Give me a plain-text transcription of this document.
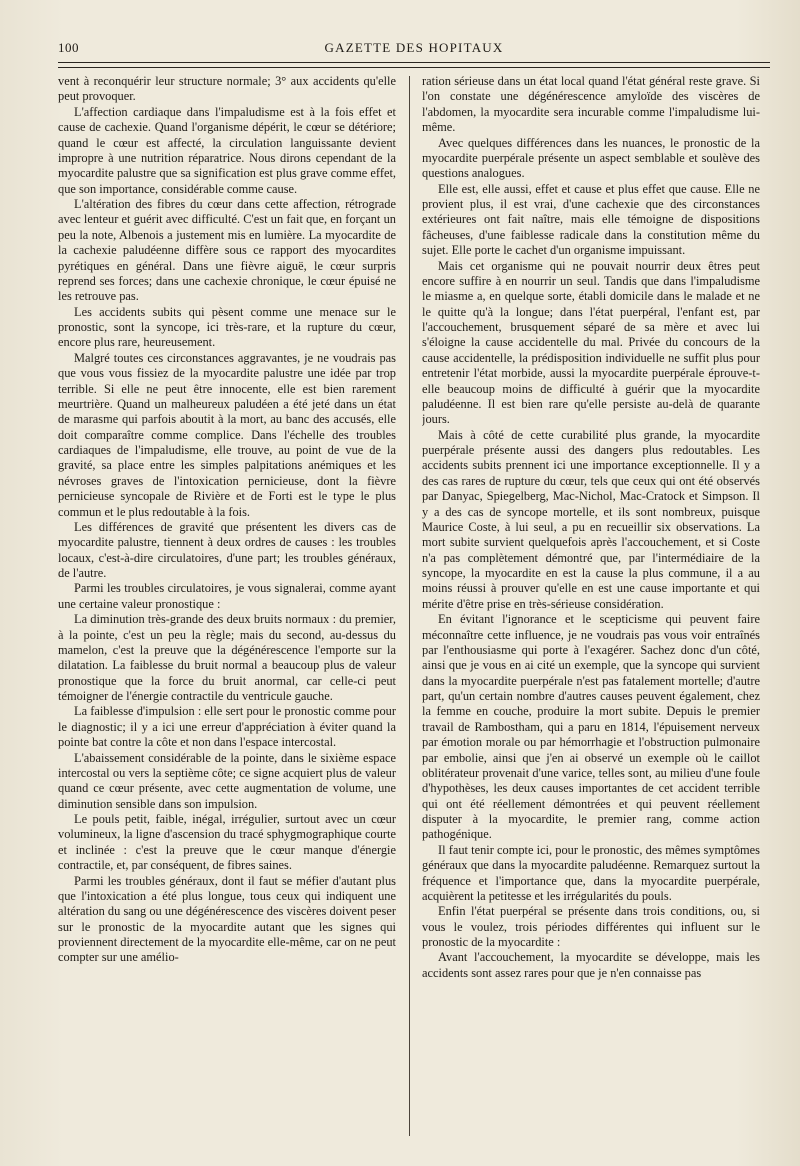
100	GAZETTE DES HOPITAUX

vent à reconquérir leur structure normale; 3° aux accidents qu'elle peut provoquer.

L'affection cardiaque dans l'impaludisme est à la fois effet et cause de cachexie. Quand l'organisme dépérit, le cœur se détériore; quand le cœur est affecté, la circulation languissante devient impropre à une nutrition réparatrice. Nous dirons cependant de la myocardite palustre que sa signification est plus grave comme effet, que son importance, considérable comme cause.

L'altération des fibres du cœur dans cette affection, rétrograde avec lenteur et guérit avec difficulté. C'est un fait que, en forçant un peu la note, Albenois a justement mis en lumière. La myocardite de la cachexie paludéenne diffère sous ce rapport des myocardites pyrétiques en général. Dans une fièvre aiguë, le cœur surpris reprend ses forces; dans une cachexie chronique, le cœur épuisé ne les retrouve pas.

Les accidents subits qui pèsent comme une menace sur le pronostic, sont la syncope, ici très-rare, et la rupture du cœur, encore plus rare, heureusement.

Malgré toutes ces circonstances aggravantes, je ne voudrais pas que vous vous fissiez de la myocardite palustre une idée par trop terrible. Si elle ne peut être innocente, elle est bien rarement meurtrière. Quand un malheureux paludéen a été jeté dans un état de marasme qui parfois aboutit à la mort, au banc des accusés, elle doit comparaître comme complice. Dans l'échelle des troubles cardiaques de l'impaludisme, elle trouve, au point de vue de la gravité, sa place entre les simples palpitations anémiques et les névroses graves de l'intoxication pernicieuse, dont la fièvre pernicieuse syncopale de Rivière et de Forti est le type le plus commun et le plus redoutable à la fois.

Les différences de gravité que présentent les divers cas de myocardite palustre, tiennent à deux ordres de causes : les troubles locaux, c'est-à-dire circulatoires, d'une part; les troubles généraux, de l'autre.

Parmi les troubles circulatoires, je vous signalerai, comme ayant une certaine valeur pronostique :

La diminution très-grande des deux bruits normaux : du premier, à la pointe, c'est un peu la règle; mais du second, au-dessus du mamelon, c'est la preuve que la dégénérescence l'emporte sur la dilatation. La faiblesse du bruit normal a beaucoup plus de valeur pronostique que la force du bruit anormal, car celle-ci peut témoigner de l'énergie contractile du ventricule gauche.

La faiblesse d'impulsion : elle sert pour le pronostic comme pour le diagnostic; il y a ici une erreur d'appréciation à éviter quand la pointe bat contre la côte et non dans l'espace intercostal.

L'abaissement considérable de la pointe, dans le sixième espace intercostal ou vers la septième côte; ce signe acquiert plus de valeur quand ce cœur présente, avec cette augmentation de volume, une diminution sensible dans son impulsion.

Le pouls petit, faible, inégal, irrégulier, surtout avec un cœur volumineux, la ligne d'ascension du tracé sphygmographique courte et inclinée : c'est la preuve que le cœur manque d'énergie contractile, et, par conséquent, de fibres saines.

Parmi les troubles généraux, dont il faut se méfier d'autant plus que l'intoxication a été plus longue, tous ceux qui indiquent une altération du sang ou une dégénérescence des viscères doivent peser sur le pronostic de la myocardite autant que les signes qui proviennent directement de la myocardite elle-même, car on ne peut compter sur une amélio-

ration sérieuse dans un état local quand l'état général reste grave. Si l'on constate une dégénérescence amyloïde des viscères de l'abdomen, la myocardite sera incurable comme l'impaludisme lui-même.

Avec quelques différences dans les nuances, le pronostic de la myocardite puerpérale présente un aspect semblable et soulève des questions analogues.

Elle est, elle aussi, effet et cause et plus effet que cause. Elle ne provient plus, il est vrai, d'une cachexie que des circonstances extérieures ont fait naître, mais elle témoigne de dispositions fâcheuses, d'une faiblesse radicale dans la constitution même du sujet. Elle porte le cachet d'un organisme impuissant.

Mais cet organisme qui ne pouvait nourrir deux êtres peut encore suffire à en nourrir un seul. Tandis que dans l'impaludisme le miasme a, en quelque sorte, établi domicile dans le malade et ne le quitte qu'à la longue; dans l'état puerpéral, l'enfant est, par l'accouchement, brusquement séparé de sa mère et avec lui s'éloigne la cause accidentelle du mal. Privée du concours de la cause accidentelle, la prédisposition individuelle ne suffit plus pour entretenir l'état morbide, aussi la myocardite puerpérale éprouve-t-elle beaucoup moins de difficulté à guérir que la myocardite paludéenne. Il est bien rare qu'elle persiste au-delà de quarante jours.

Mais à côté de cette curabilité plus grande, la myocardite puerpérale présente aussi des dangers plus redoutables. Les accidents subits prennent ici une importance exceptionnelle. Il y a des cas rares de rupture du cœur, tels que ceux qui ont été observés par Danyac, Spiegelberg, Mac-Nichol, Mac-Cratock et Simpson. Il y a des cas de syncope mortelle, et ils sont nombreux, puisque Maurice Coste, à lui seul, a pu en recueillir six observations. La mort subite survient quelquefois après l'accouchement, et si Coste n'a pas complètement démontré que, par l'intermédiaire de la syncope, la myocardite en est la cause la plus commune, il a au moins réussi à prouver qu'elle en est une cause importante et qui mérite d'être prise en très-sérieuse considération.

En évitant l'ignorance et le scepticisme qui peuvent faire méconnaître cette influence, je ne voudrais pas vous voir entraînés par l'enthousiasme qui porte à l'exagérer. Sachez donc d'un côté, ainsi que je vous en ai cité un exemple, que la syncope qui survient dans la myocardite puerpérale n'est pas fatalement mortelle; d'autre part, qu'un certain nombre d'autres causes peuvent également, chez la femme en couche, produire la mort subite. Depuis le premier travail de Rambostham, qui a paru en 1814, l'épuisement nerveux par émotion morale ou par hémorrhagie et l'obstruction pulmonaire par embolie, ainsi que j'en ai observé un exemple où le caillot oblitérateur provenait d'une varice, telles sont, au milieu d'une foule d'hypothèses, les deux causes importantes de cet accident terrible qui ont été réellement démontrées et qui peuvent réellement disputer à la myocardite, le premier rang, comme action pathogénique.

Il faut tenir compte ici, pour le pronostic, des mêmes symptômes généraux que dans la myocardite paludéenne. Remarquez surtout la fréquence et l'importance que, dans la myocardite puerpérale, acquièrent la petitesse et les irrégularités du pouls.

Enfin l'état puerpéral se présente dans trois conditions, ou, si vous le voulez, trois périodes différentes qui influent sur le pronostic de la myocardite :

Avant l'accouchement, la myocardite se développe, mais les accidents sont assez rares pour que je n'en connaisse pas
